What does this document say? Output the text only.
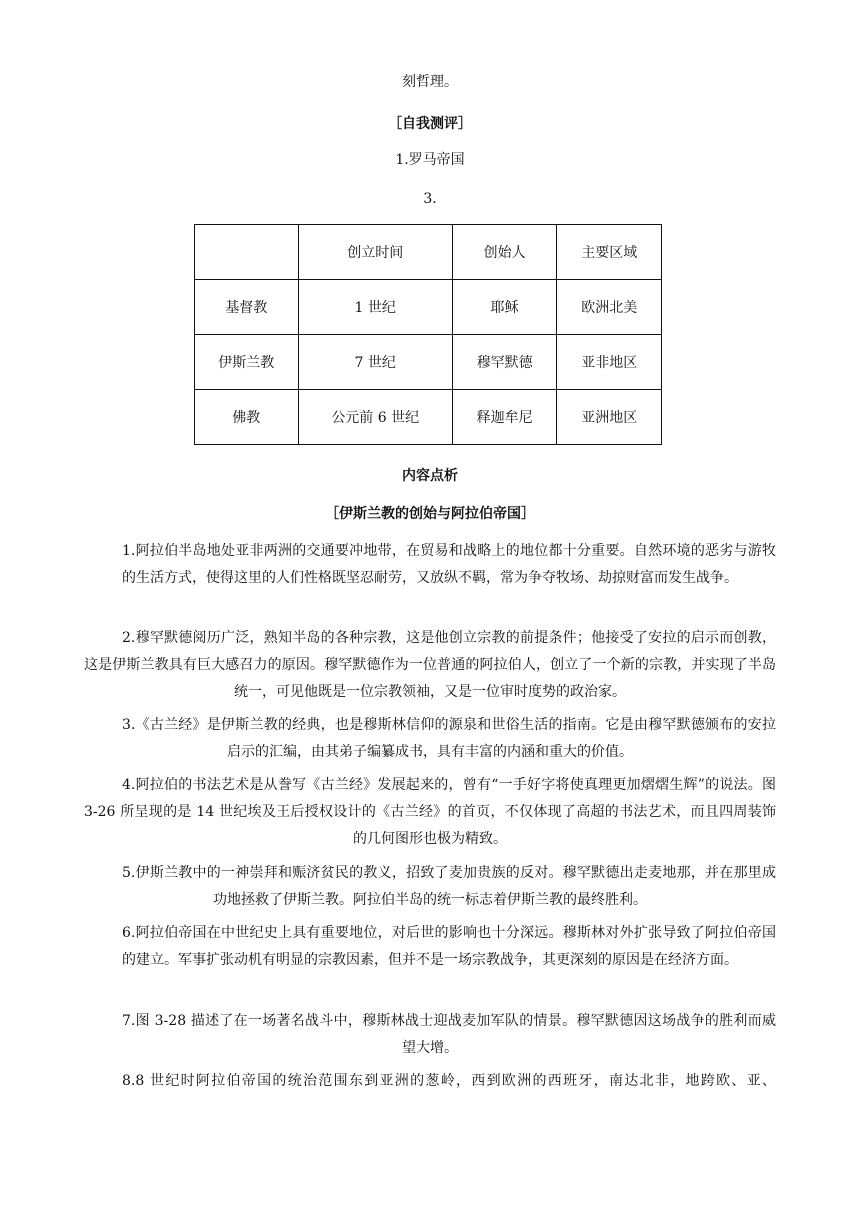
刻哲理。
［自我测评］
1.罗马帝国
3.
	创立时间	创始人	主要区域
基督教	1 世纪	耶稣	欧洲北美
伊斯兰教	7 世纪	穆罕默德	亚非地区
佛教	公元前 6 世纪	释迦牟尼	亚洲地区
内容点析
［伊斯兰教的创始与阿拉伯帝国］
1.阿拉伯半岛地处亚非两洲的交通要冲地带，在贸易和战略上的地位都十分重要。自然环境的恶劣与游牧的生活方式，使得这里的人们性格既坚忍耐劳，又放纵不羁，常为争夺牧场、劫掠财富而发生战争。
2.穆罕默德阅历广泛，熟知半岛的各种宗教，这是他创立宗教的前提条件；他接受了安拉的启示而创教，这是伊斯兰教具有巨大感召力的原因。穆罕默德作为一位普通的阿拉伯人，创立了一个新的宗教，并实现了半岛统一，可见他既是一位宗教领袖，又是一位审时度势的政治家。
3.《古兰经》是伊斯兰教的经典，也是穆斯林信仰的源泉和世俗生活的指南。它是由穆罕默德颁布的安拉启示的汇编，由其弟子编纂成书，具有丰富的内涵和重大的价值。
4.阿拉伯的书法艺术是从誊写《古兰经》发展起来的，曾有“一手好字将使真理更加熠熠生辉”的说法。图 3-26 所呈现的是 14 世纪埃及王后授权设计的《古兰经》的首页，不仅体现了高超的书法艺术，而且四周装饰的几何图形也极为精致。
5.伊斯兰教中的一神崇拜和赈济贫民的教义，招致了麦加贵族的反对。穆罕默德出走麦地那，并在那里成功地拯救了伊斯兰教。阿拉伯半岛的统一标志着伊斯兰教的最终胜利。
6.阿拉伯帝国在中世纪史上具有重要地位，对后世的影响也十分深远。穆斯林对外扩张导致了阿拉伯帝国的建立。军事扩张动机有明显的宗教因素，但并不是一场宗教战争，其更深刻的原因是在经济方面。
7.图 3-28 描述了在一场著名战斗中，穆斯林战士迎战麦加军队的情景。穆罕默德因这场战争的胜利而威望大增。
8.8 世纪时阿拉伯帝国的统治范围东到亚洲的葱岭，西到欧洲的西班牙，南达北非，地跨欧、亚、
